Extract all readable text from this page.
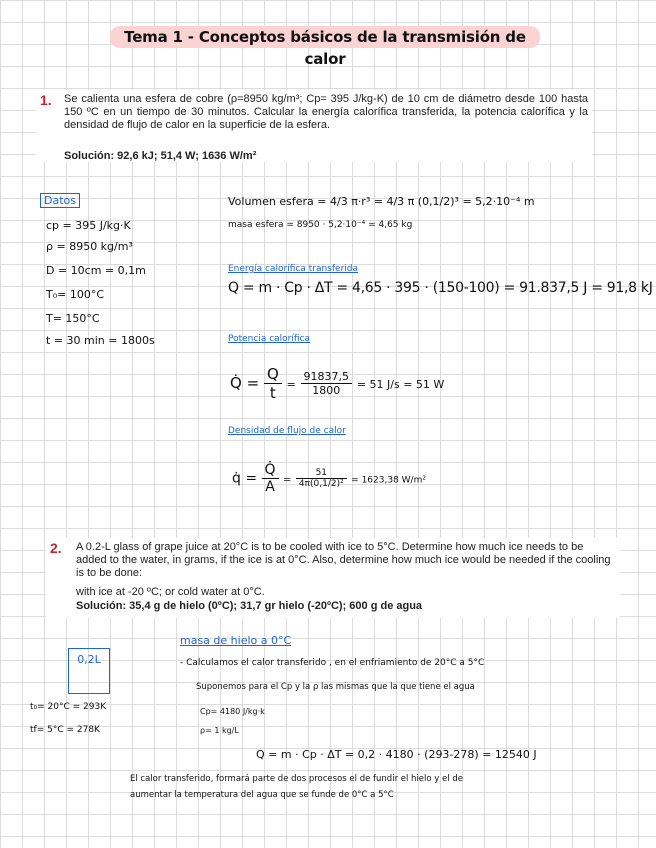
Tema 1 - Conceptos básicos de la transmisión de calor
1. Se calienta una esfera de cobre (ρ=8950 kg/m³; Cp= 395 J/kg-K) de 10 cm de diámetro desde 100 hasta 150 ºC en un tiempo de 30 minutos. Calcular la energía calorífica transferida, la potencia calorífica y la densidad de flujo de calor en la superficie de la esfera.
Solución: 92,6 kJ; 51,4 W; 1636 W/m²
Datos
cp = 395 J/kg·K
ρ = 8950 kg/m³
D = 10cm = 0,1m
T₀= 100°C
T= 150°C
t = 30 min = 1800s
Volumen esfera = 4/3 π·r³ = 4/3 π (0,1/2)³ = 5,2·10⁻⁴ m
masa esfera = 8950 · 5,2·10⁻⁴ = 4,65 kg
Energía calorífica transferida
Q = m · Cp · ΔT = 4,65 · 395 · (150-100) = 91.837,5 J = 91,8 kJ
Potencia calorífica
Q̇ = $\frac{Q}{t} = \frac{91837,5}{1800} = 51$ J/s = 51 W
Densidad de flujo de calor
q̇ = $\frac{Q̇}{A} = \frac{51}{\text{4π(0,1/2)²}} = 1623,38$ W/m²
2. A 0.2-L glass of grape juice at 20°C is to be cooled with ice to 5°C. Determine how much ice needs to be added to the water, in grams, if the ice is at 0°C. Also, determine how much ice would be needed if the cooling is to be done:
with ice at -20 ºC; or cold water at 0°C.
Solución: 35,4 g de hielo (0ºC); 31,7 gr hielo (-20ºC); 600 g de agua
0,2L
t₀= 20°C = 293K
tf= 5°C = 278K
masa de hielo a 0°C
- Calculamos el calor transferido , en el enfriamiento de 20°C a 5°C
Suponemos para el Cp y la ρ las mismas que la que tiene el agua
Cp= 4180 J/kg·k
ρ= 1 kg/L
Q = m · Cp · ΔT = 0,2 · 4180 · (293-278) = 12540 J
El calor transferido, formará parte de dos procesos el de fundir el hielo y el de
aumentar la temperatura del agua que se funde de 0°C a 5°C
